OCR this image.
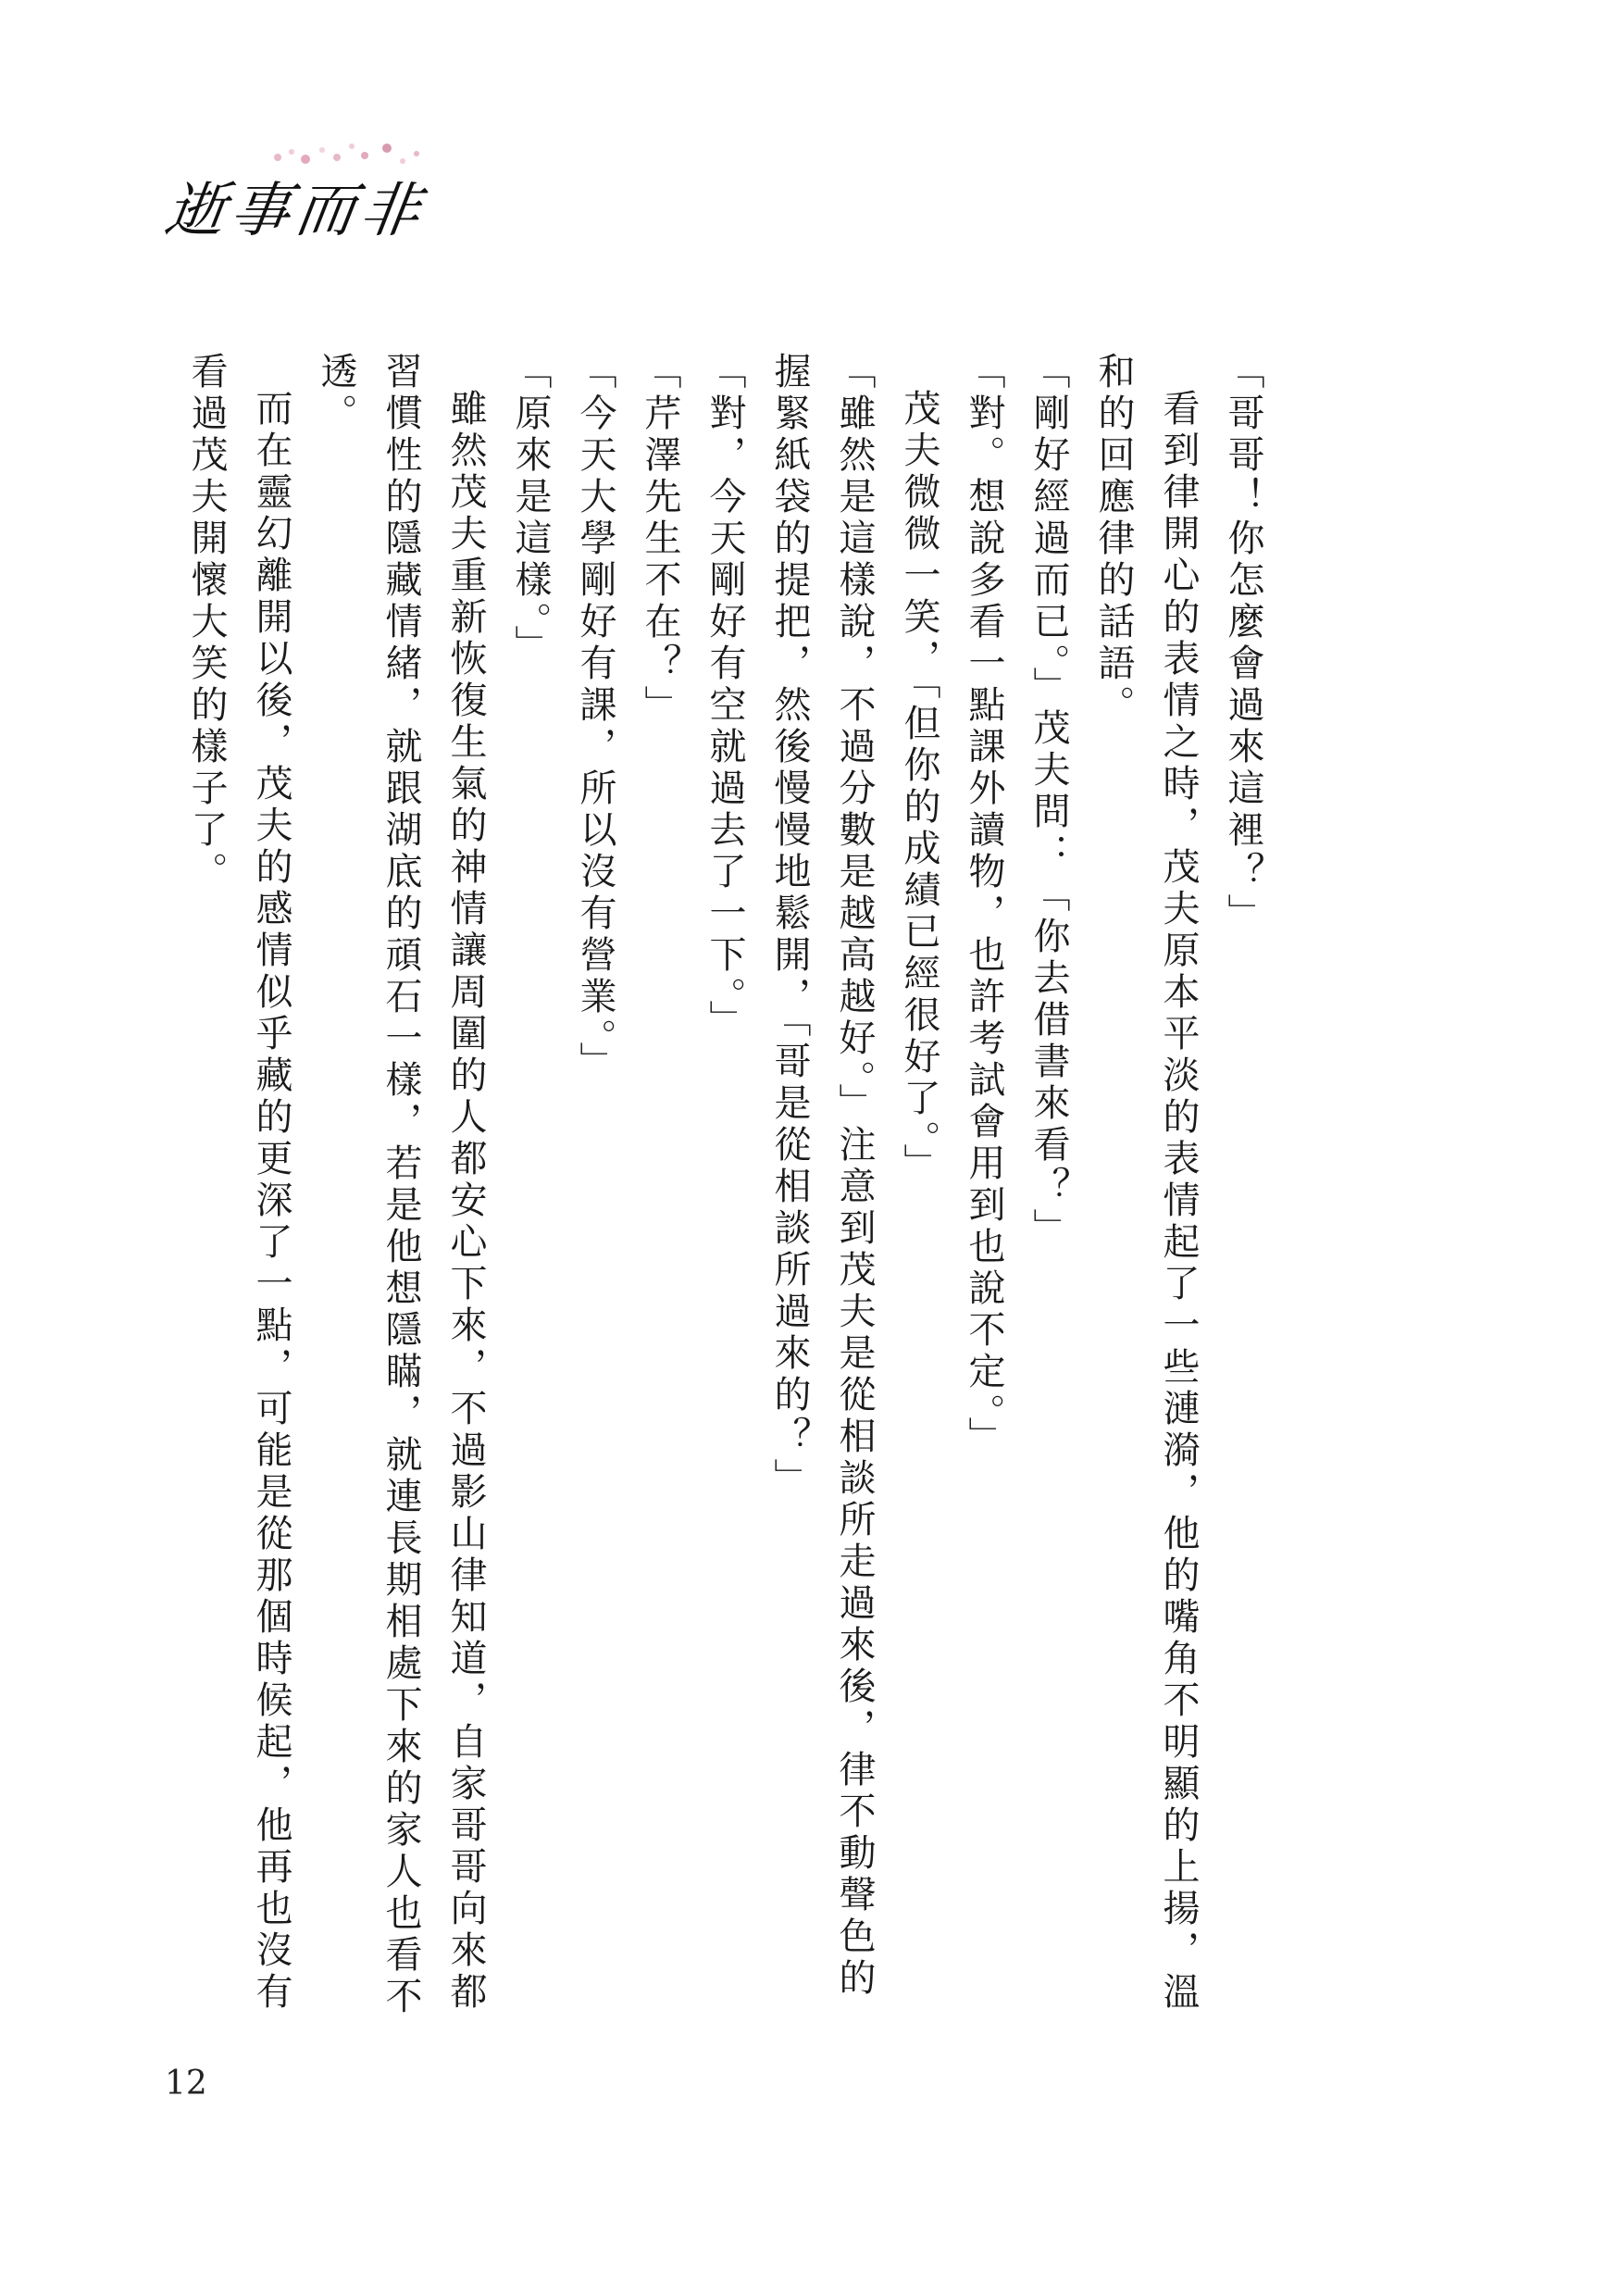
逝事而非

「哥哥！你怎麼會過來這裡？」

看到律開心的表情之時，茂夫原本平淡的表情起了一些漣漪，他的嘴角不明顯的上揚，溫和的回應律的話語。

「剛好經過而已。」茂夫問：「你去借書來看？」

「對。想說多看一點課外讀物，也許考試會用到也說不定。」

茂夫微微一笑，「但你的成績已經很好了。」

「雖然是這樣說，不過分數是越高越好。」注意到茂夫是從相談所走過來後，律不動聲色的握緊紙袋的提把，然後慢慢地鬆開，「哥是從相談所過來的？」

「對，今天剛好有空就過去了一下。」

「芹澤先生不在？」

「今天大學剛好有課，所以沒有營業。」

「原來是這樣。」

雖然茂夫重新恢復生氣的神情讓周圍的人都安心下來，不過影山律知道，自家哥哥向來都習慣性的隱藏情緒，就跟湖底的頑石一樣，若是他想隱瞞，就連長期相處下來的家人也看不透。

而在靈幻離開以後，茂夫的感情似乎藏的更深了一點，可能是從那個時候起，他再也沒有看過茂夫開懷大笑的樣子了。

12
